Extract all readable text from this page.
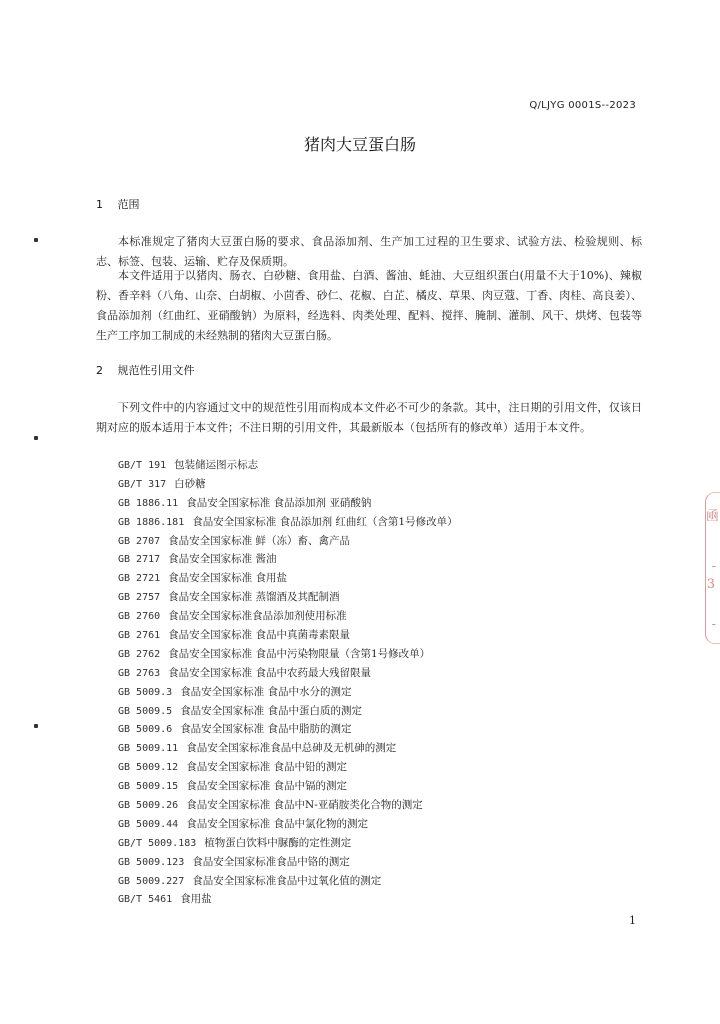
Q/LJYG 0001S--2023
猪肉大豆蛋白肠
1 范围

本标准规定了猪肉大豆蛋白肠的要求、食品添加剂、生产加工过程的卫生要求、试验方法、检验规则、标志、标签、包装、运输、贮存及保质期。

本文件适用于以猪肉、肠衣、白砂糖、食用盐、白酒、酱油、蚝油、大豆组织蛋白(用量不大于10%)、辣椒粉、香辛料（八角、山奈、白胡椒、小茴香、砂仁、花椒、白芷、橘皮、草果、肉豆蔻、丁香、肉桂、高良姜）、食品添加剂（红曲红、亚硝酸钠）为原料，经选料、肉类处理、配料、搅拌、腌制、灌制、风干、烘烤、包装等生产工序加工制成的未经熟制的猪肉大豆蛋白肠。

2 规范性引用文件

下列文件中的内容通过文中的规范性引用而构成本文件必不可少的条款。其中，注日期的引用文件，仅该日期对应的版本适用于本文件；不注日期的引用文件，其最新版本（包括所有的修改单）适用于本文件。

GB/T 191 包装储运图示标志
GB/T 317 白砂糖
GB 1886.11 食品安全国家标准 食品添加剂 亚硝酸钠
GB 1886.181 食品安全国家标准 食品添加剂 红曲红（含第1号修改单）
GB 2707 食品安全国家标准 鲜（冻）畜、禽产品
GB 2717 食品安全国家标准 酱油
GB 2721 食品安全国家标准 食用盐
GB 2757 食品安全国家标准 蒸馏酒及其配制酒
GB 2760 食品安全国家标准食品添加剂使用标准
GB 2761 食品安全国家标准 食品中真菌毒素限量
GB 2762 食品安全国家标准 食品中污染物限量（含第1号修改单）
GB 2763 食品安全国家标准 食品中农药最大残留限量
GB 5009.3 食品安全国家标准 食品中水分的测定
GB 5009.5 食品安全国家标准 食品中蛋白质的测定
GB 5009.6 食品安全国家标准 食品中脂肪的测定
GB 5009.11 食品安全国家标准食品中总砷及无机砷的测定
GB 5009.12 食品安全国家标准 食品中铅的测定
GB 5009.15 食品安全国家标准 食品中镉的测定
GB 5009.26 食品安全国家标准 食品中N-亚硝胺类化合物的测定
GB 5009.44 食品安全国家标准 食品中氯化物的测定
GB/T 5009.183 植物蛋白饮料中脲酶的定性测定
GB 5009.123 食品安全国家标准食品中铬的测定
GB 5009.227 食品安全国家标准食品中过氧化值的测定
GB/T 5461 食用盐
1
凾
-
3
-
